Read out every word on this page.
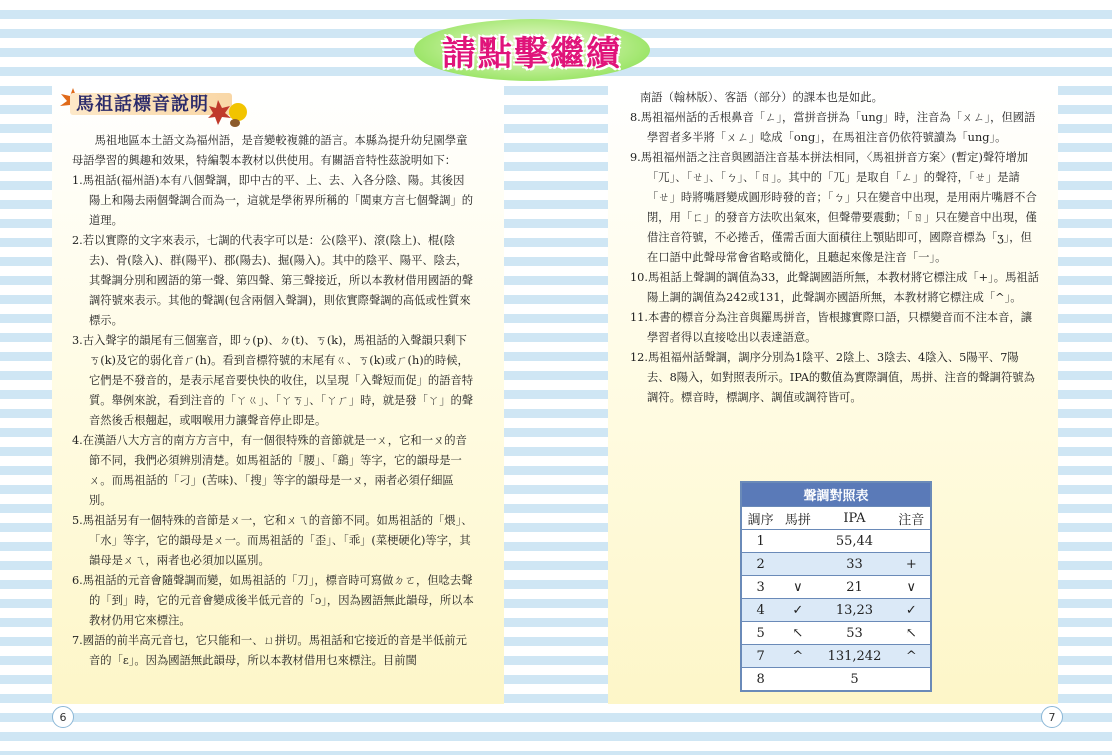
請點擊繼續
馬祖話標音說明

馬祖地區本土語文為福州語，是音變較複雜的語言。本縣為提升幼兒園學童母語學習的興趣和效果，特編製本教材以供使用。有關語音特性茲說明如下：

1.馬祖話(福州語)本有八個聲調，即中古的平、上、去、入各分陰、陽。其後因陽上和陽去兩個聲調合而為一，這就是學術界所稱的「閩東方言七個聲調」的道理。

2.若以實際的文字來表示，七調的代表字可以是：公(陰平)、滾(陰上)、棍(陰去)、骨(陰入)、群(陽平)、郡(陽去)、掘(陽入)。其中的陰平、陽平、陰去，其聲調分別和國語的第一聲、第四聲、第三聲接近，所以本教材借用國語的聲調符號來表示。其他的聲調(包含兩個入聲調)，則依實際聲調的高低或性質來標示。

3.古入聲字的韻尾有三個塞音，即ㄅ(p)、ㄉ(t)、ㄎ(k)，馬祖話的入聲韻只剩下ㄎ(k)及它的弱化音ㄏ(h)。看到音標符號的末尾有ㄍ、ㄎ(k)或ㄏ(h)的時候，它們是不發音的，是表示尾音要快快的收住，以呈現「入聲短而促」的語音特質。舉例來說，看到注音的「ㄚㄍ」、「ㄚㄎ」、「ㄚㄏ」時，就是發「ㄚ」的聲音然後舌根翹起，或咽喉用力讓聲音停止即是。

4.在漢語八大方言的南方方言中，有一個很特殊的音節就是一ㄨ，它和一ㄡ的音節不同，我們必須辨別清楚。如馬祖話的「腰」、「鷂」等字，它的韻母是一ㄨ。而馬祖話的「刁」(苦味)、「搜」等字的韻母是一ㄡ，兩者必須仔細區別。

5.馬祖話另有一個特殊的音節是ㄨ一，它和ㄨㄟ的音節不同。如馬祖話的「煨」、「水」等字，它的韻母是ㄨ一。而馬祖話的「歪」、「乖」(菜梗硬化)等字，其韻母是ㄨㄟ，兩者也必須加以區別。

6.馬祖話的元音會隨聲調而變，如馬祖話的「刀」，標音時可寫做ㄉㄛ，但唸去聲的「到」時，它的元音會變成後半低元音的「ɔ」，因為國語無此韻母，所以本教材仍用它來標注。

7.國語的前半高元音乜，它只能和一、ㄩ拼切。馬祖話和它接近的音是半低前元音的「ɛ」。因為國語無此韻母，所以本教材借用乜來標注。目前閩

南語（翰林版）、客語（部分）的課本也是如此。

8.馬祖福州話的舌根鼻音「ㄥ」，當拼音拼為「ung」時，注音為「ㄨㄥ」，但國語學習者多半將「ㄨㄥ」唸成「ong」，在馬祖注音仍依符號讀為「ung」。

9.馬祖福州語之注音與國語注音基本拼法相同，〈馬祖拼音方案〉(暫定)聲符增加「ㄫ」、「ㄝ」、「ㄅ」、「ㄖ」。其中的「ㄫ」是取自「ㄥ」的聲符，「ㄝ」是請「ㄝ」時將嘴唇變成圓形時發的音；「ㄅ」只在變音中出現，是用兩片嘴唇不合閉，用「ㄈ」的發音方法吹出氣來，但聲帶要震動；「ㄖ」只在變音中出現，僅借注音符號，不必捲舌，僅需舌面大面積往上顎貼即可，國際音標為「ʒ」，但在口語中此聲母常會省略或簡化，且聽起來像是注音「一」。

10.馬祖話上聲調的調值為33，此聲調國語所無，本教材將它標注成「+」。馬祖話陽上調的調值為242或131，此聲調亦國語所無，本教材將它標注成「^」。

11.本書的標音分為注音與羅馬拼音，皆根據實際口語，只標變音而不注本音，讓學習者得以直接唸出以表達語意。

12.馬祖福州話聲調，調序分別為1陰平、2陰上、3陰去、4陰入、5陽平、7陽去、8陽入，如對照表所示。IPA的數值為實際調值，馬拼、注音的聲調符號為調符。標音時，標調序、調值或調符皆可。

聲調對照表			
調序	馬拼	IPA	注音
1		55,44	
2		33	+
3	∨	21	∨
4	✓	13,23	✓
5	↖	53	↖
7	^	131,242	^
8		5	
6	7
